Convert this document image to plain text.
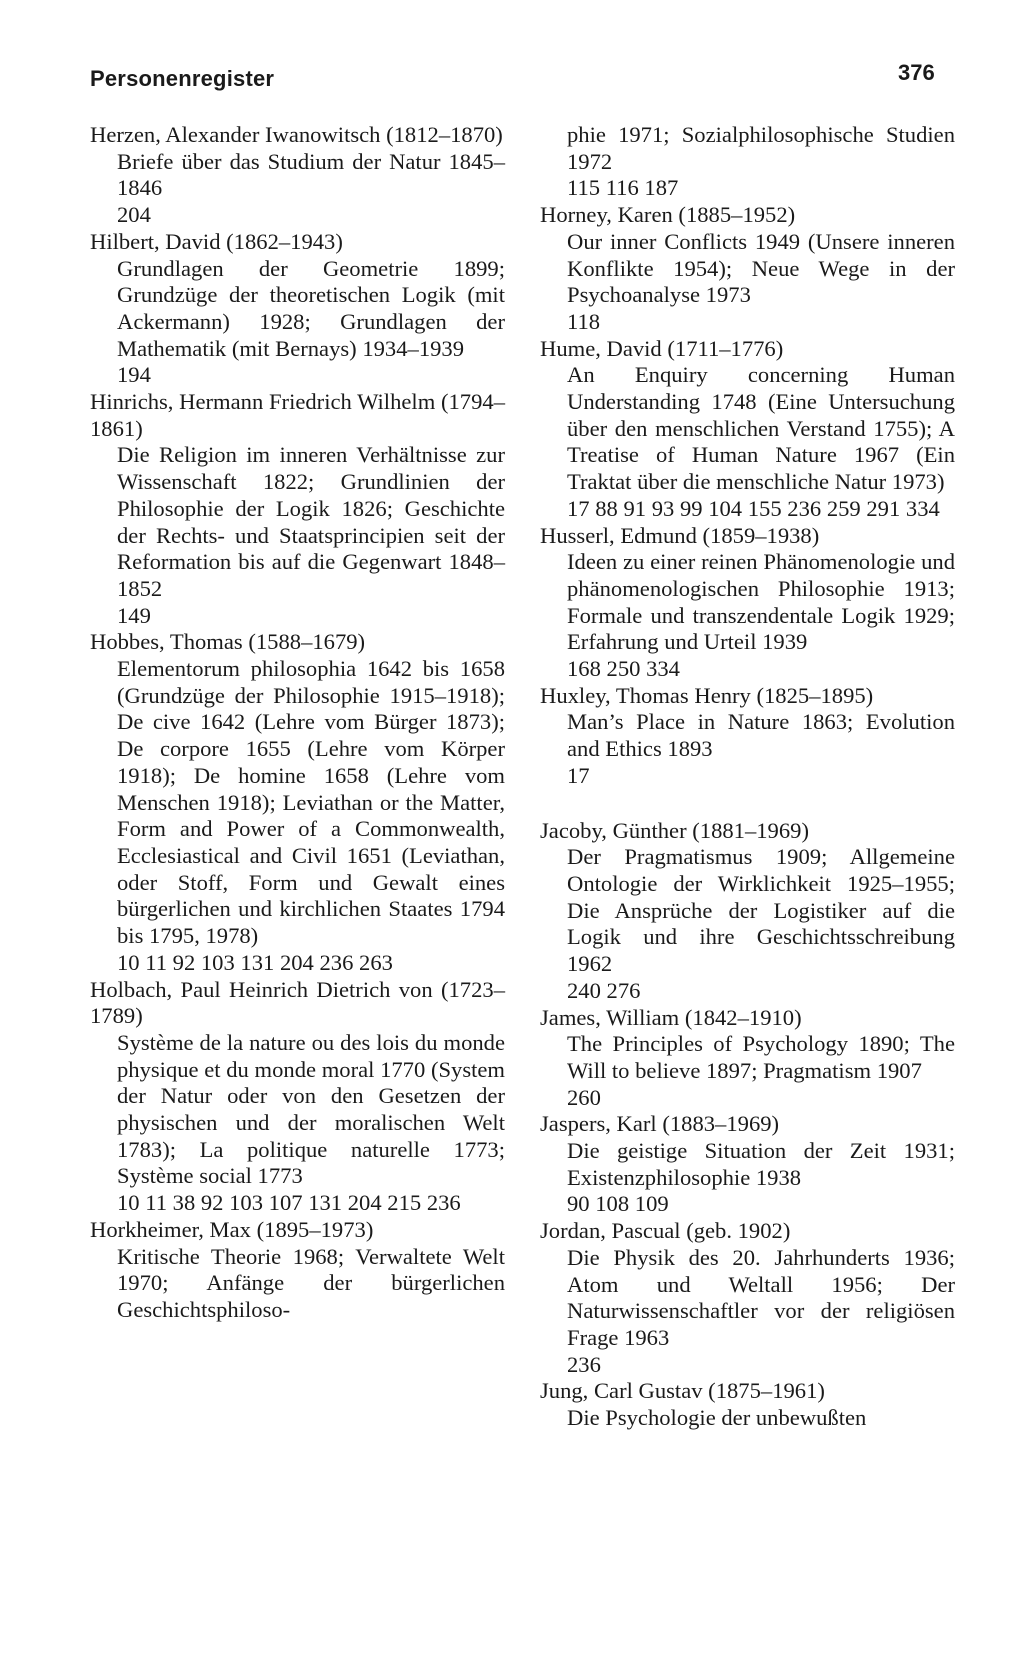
Personenregister	376
Herzen, Alexander Iwanowitsch (1812–1870)
Briefe über das Studium der Natur 1845–1846
204
Hilbert, David (1862–1943)
Grundlagen der Geometrie 1899; Grundzüge der theoretischen Logik (mit Ackermann) 1928; Grundlagen der Mathematik (mit Bernays) 1934–1939
194
Hinrichs, Hermann Friedrich Wilhelm (1794–1861)
Die Religion im inneren Verhältnisse zur Wissenschaft 1822; Grundlinien der Philosophie der Logik 1826; Geschichte der Rechts- und Staatsprincipien seit der Reformation bis auf die Gegenwart 1848–1852
149
Hobbes, Thomas (1588–1679)
Elementorum philosophia 1642 bis 1658 (Grundzüge der Philosophie 1915–1918); De cive 1642 (Lehre vom Bürger 1873); De corpore 1655 (Lehre vom Körper 1918); De homine 1658 (Lehre vom Menschen 1918); Leviathan or the Matter, Form and Power of a Commonwealth, Ecclesiastical and Civil 1651 (Leviathan, oder Stoff, Form und Gewalt eines bürgerlichen und kirchlichen Staates 1794 bis 1795, 1978)
10 11 92 103 131 204 236 263
Holbach, Paul Heinrich Dietrich von (1723–1789)
Système de la nature ou des lois du monde physique et du monde moral 1770 (System der Natur oder von den Gesetzen der physischen und der moralischen Welt 1783); La politique naturelle 1773; Système social 1773
10 11 38 92 103 107 131 204 215 236
Horkheimer, Max (1895–1973)
Kritische Theorie 1968; Verwaltete Welt 1970; Anfänge der bürgerlichen Geschichtsphiloso-
phie 1971; Sozialphilosophische Studien 1972
115 116 187
Horney, Karen (1885–1952)
Our inner Conflicts 1949 (Unsere inneren Konflikte 1954); Neue Wege in der Psychoanalyse 1973
118
Hume, David (1711–1776)
An Enquiry concerning Human Understanding 1748 (Eine Untersuchung über den menschlichen Verstand 1755); A Treatise of Human Nature 1967 (Ein Traktat über die menschliche Natur 1973)
17 88 91 93 99 104 155 236 259 291 334
Husserl, Edmund (1859–1938)
Ideen zu einer reinen Phänomenologie und phänomenologischen Philosophie 1913; Formale und transzendentale Logik 1929; Erfahrung und Urteil 1939
168 250 334
Huxley, Thomas Henry (1825–1895)
Man’s Place in Nature 1863; Evolution and Ethics 1893
17
Jacoby, Günther (1881–1969)
Der Pragmatismus 1909; Allgemeine Ontologie der Wirklichkeit 1925–1955; Die Ansprüche der Logistiker auf die Logik und ihre Geschichtsschreibung 1962
240 276
James, William (1842–1910)
The Principles of Psychology 1890; The Will to believe 1897; Pragmatism 1907
260
Jaspers, Karl (1883–1969)
Die geistige Situation der Zeit 1931; Existenzphilosophie 1938
90 108 109
Jordan, Pascual (geb. 1902)
Die Physik des 20. Jahrhunderts 1936; Atom und Weltall 1956; Der Naturwissenschaftler vor der religiösen Frage 1963
236
Jung, Carl Gustav (1875–1961)
Die Psychologie der unbewußten
